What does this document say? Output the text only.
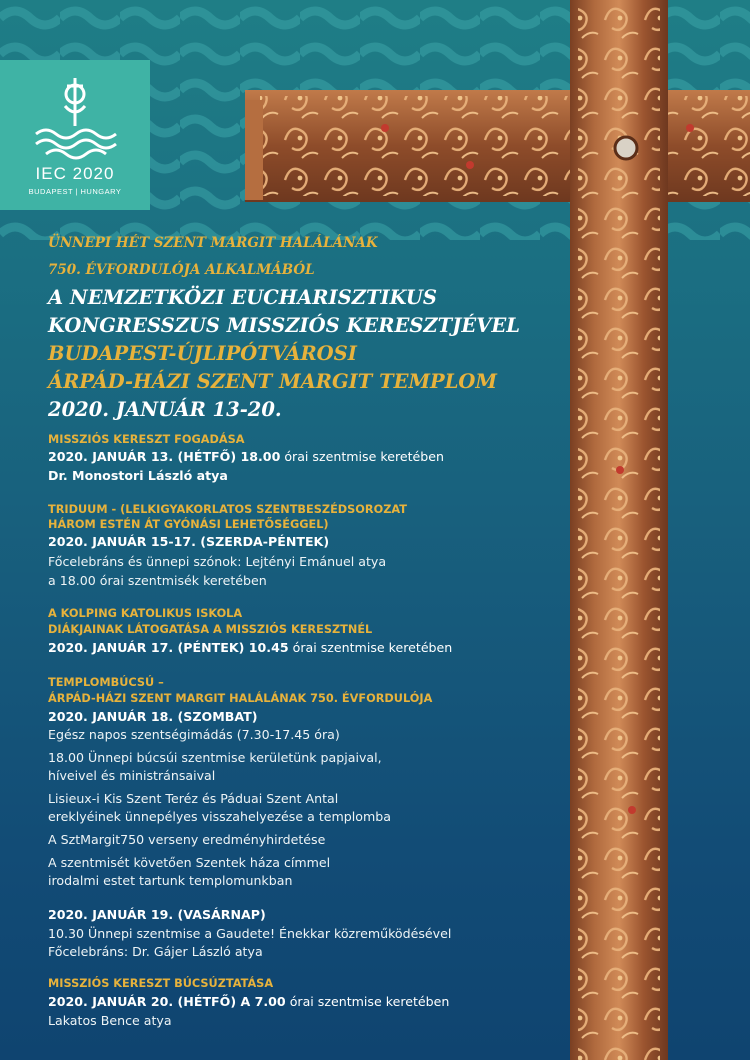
IEC 2020
BUDAPEST | HUNGARY
ÜNNEPI HÉT SZENT MARGIT HALÁLÁNAK
750. ÉVFORDULÓJA ALKALMÁBÓL
A NEMZETKÖZI EUCHARISZTIKUS
KONGRESSZUS MISSZIÓS KERESZTJÉVEL
BUDAPEST-ÚJLIPÓTVÁROSI
ÁRPÁD-HÁZI SZENT MARGIT TEMPLOM
2020. JANUÁR 13-20.
MISSZIÓS KERESZT FOGADÁSA
2020. JANUÁR 13. (HÉTFŐ) 18.00 órai szentmise keretében
Dr. Monostori László atya
TRIDUUM - (LELKIGYAKORLATOS SZENTBESZÉDSOROZAT
HÁROM ESTÉN ÁT GYÓNÁSI LEHETŐSÉGGEL)
2020. JANUÁR 15-17. (SZERDA-PÉNTEK)
Főcelebráns és ünnepi szónok: Lejtényi Emánuel atya
a 18.00 órai szentmisék keretében
A KOLPING KATOLIKUS ISKOLA
DIÁKJAINAK LÁTOGATÁSA A MISSZIÓS KERESZTNÉL
2020. JANUÁR 17. (PÉNTEK) 10.45 órai szentmise keretében
TEMPLOMBÚCSÚ –
ÁRPÁD-HÁZI SZENT MARGIT HALÁLÁNAK 750. ÉVFORDULÓJA
2020. JANUÁR 18. (SZOMBAT)
Egész napos szentségimádás (7.30-17.45 óra)
18.00 Ünnepi búcsúi szentmise kerületünk papjaival,
híveivel és ministránsaival
Lisieux-i Kis Szent Teréz és Páduai Szent Antal
ereklyéinek ünnepélyes visszahelyezése a templomba
A SztMargit750 verseny eredményhirdetése
A szentmisét követően Szentek háza címmel
irodalmi estet tartunk templomunkban
2020. JANUÁR 19. (VASÁRNAP)
10.30 Ünnepi szentmise a Gaudete! Énekkar közreműködésével
Főcelebráns: Dr. Gájer László atya
MISSZIÓS KERESZT BÚCSÚZTATÁSA
2020. JANUÁR 20. (HÉTFŐ) A 7.00 órai szentmise keretében
Lakatos Bence atya
